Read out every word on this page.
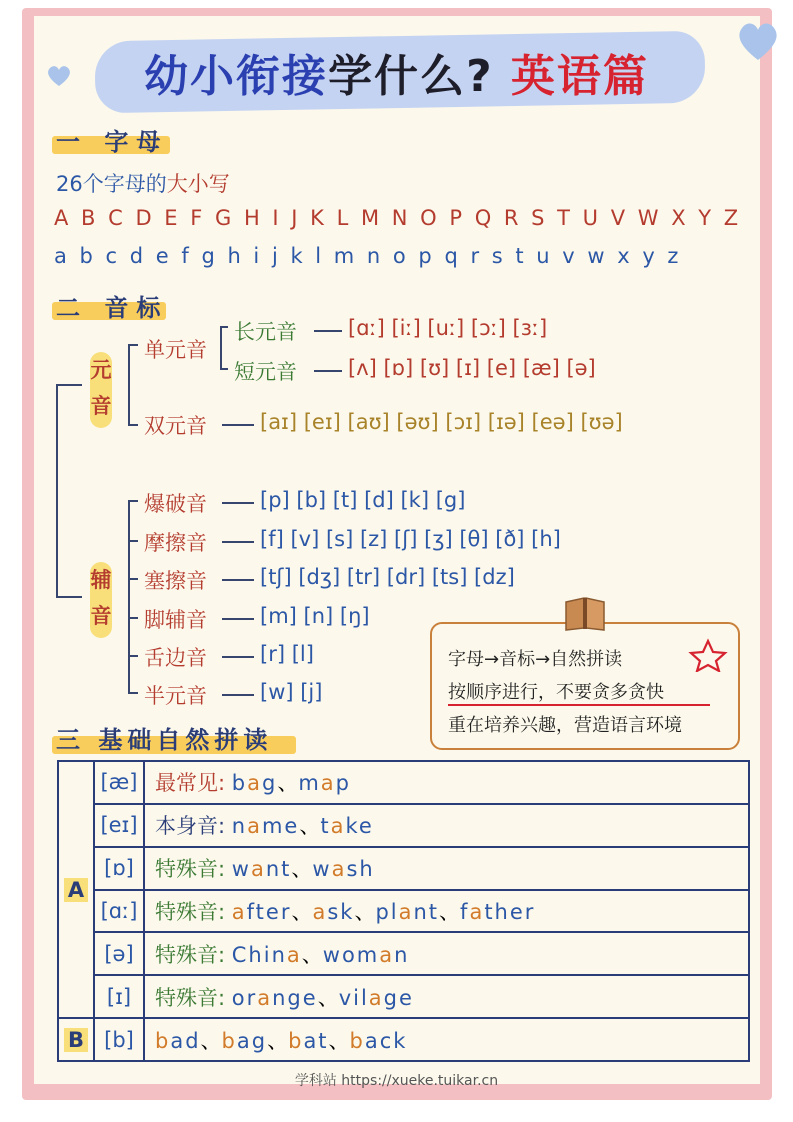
幼小衔接学什么? 英语篇
一 字母
26个字母的大小写
A B C D E F G H I J K L M N O P Q R S T U V W X Y Z
a b c d e f g h i j k l m n o p q r s t u v w x y z
二 音标
元
音
单元音
长元音 [ɑː] [iː] [uː] [ɔː] [ɜː]
短元音 [ʌ] [ɒ] [ʊ] [ɪ] [e] [æ] [ə]
双元音	[aɪ] [eɪ] [aʊ] [əʊ] [ɔɪ] [ɪə] [eə] [ʊə]
辅
音
爆破音	[p] [b] [t] [d] [k] [g]
摩擦音	[f] [v] [s] [z] [ʃ] [ʒ] [θ] [ð] [h]
塞擦音	[tʃ] [dʒ] [tr] [dr] [ts] [dz]
脚辅音	[m] [n] [ŋ]
舌边音	[r] [l]
半元音	[w] [j]
字母→音标→自然拼读
按顺序进行，不要贪多贪快
重在培养兴趣，营造语言环境
三 基础自然拼读
A	[æ]	最常见: bag、map
	[eɪ]	本身音: name、take
	[ɒ]	特殊音: want、wash
	[ɑː]	特殊音: after、ask、plant、father
	[ə]	特殊音: China、woman
	[ɪ]	特殊音: orange、vilage
B	[b]	bad、bag、bat、back
学科站 https://xueke.tuikar.cn
